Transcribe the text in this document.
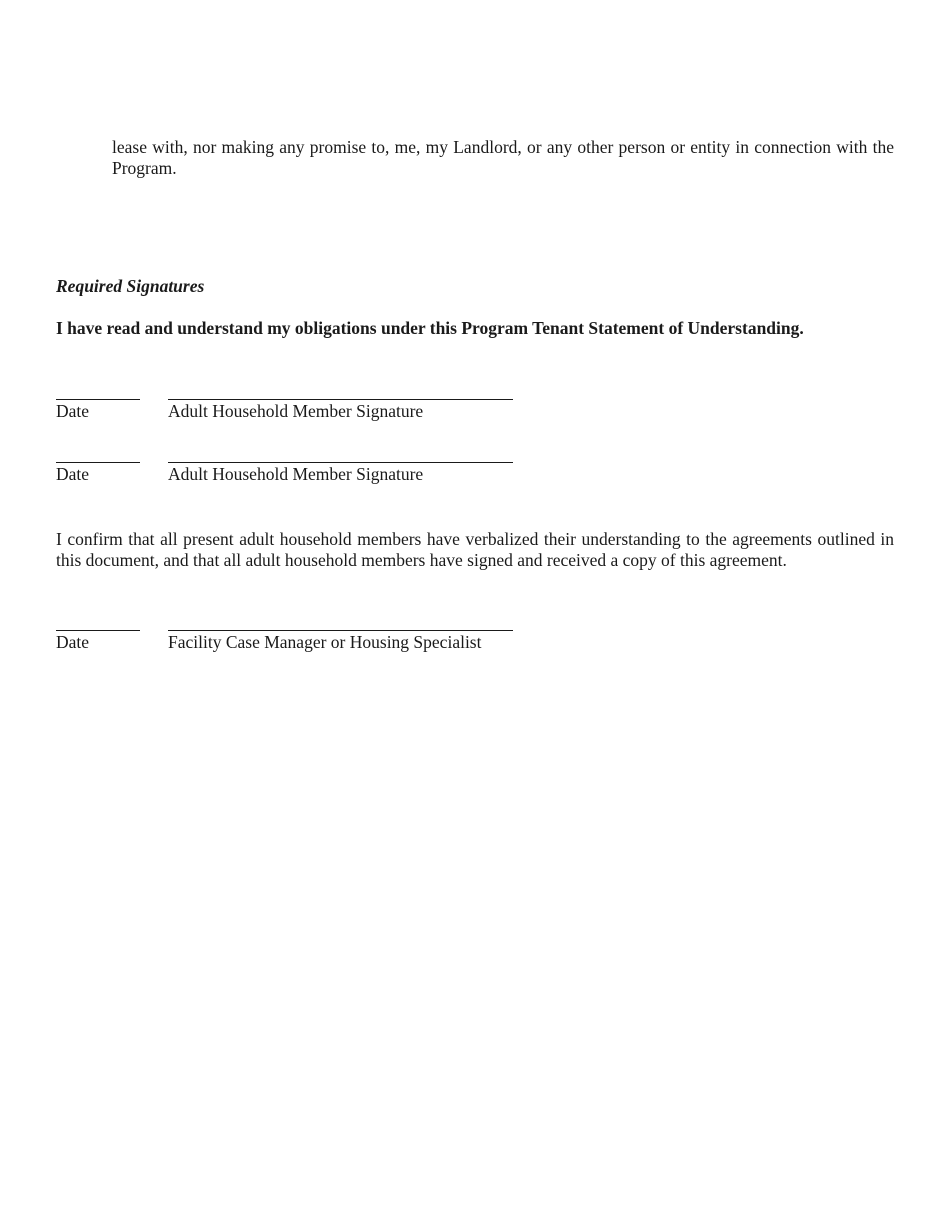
lease with, nor making any promise to, me, my Landlord, or any other person or entity in connection with the Program.

Required Signatures

I have read and understand my obligations under this Program Tenant Statement of Understanding.

Date	Adult Household Member Signature
Date	Adult Household Member Signature

I confirm that all present adult household members have verbalized their understanding to the agreements outlined in this document, and that all adult household members have signed and received a copy of this agreement.

Date	Facility Case Manager or Housing Specialist
